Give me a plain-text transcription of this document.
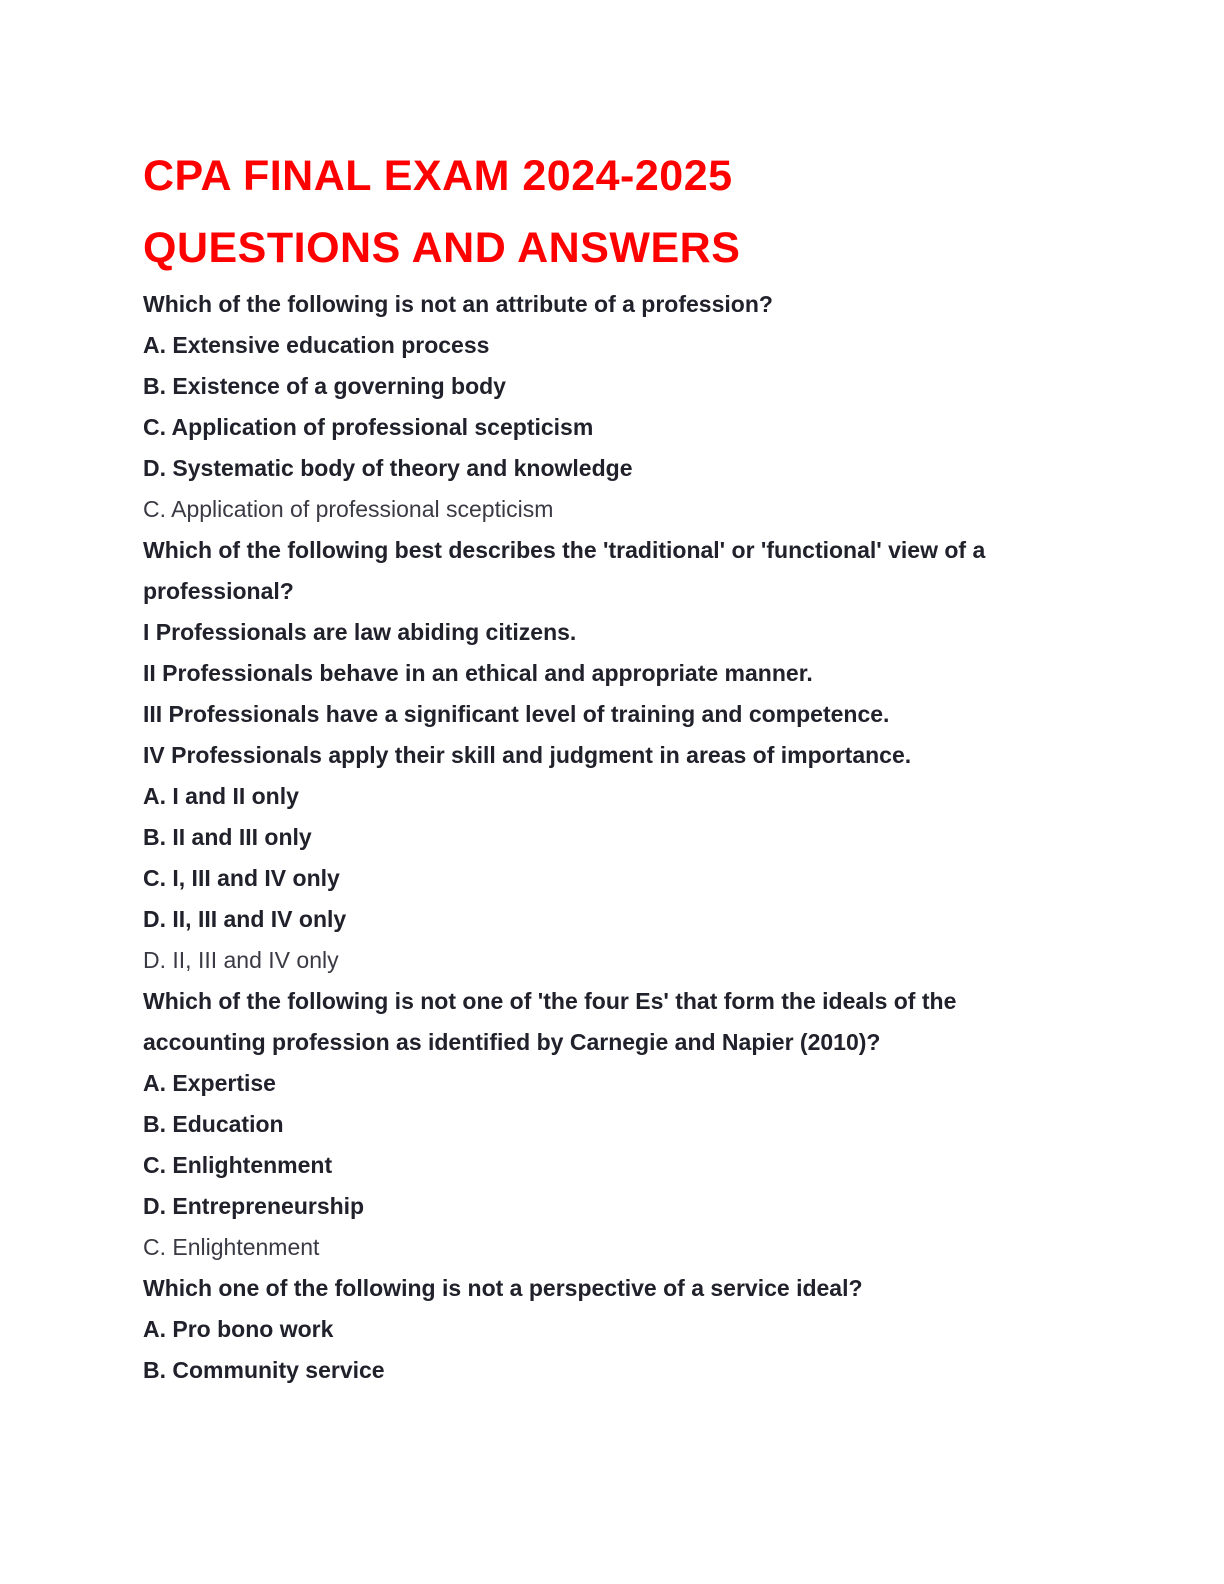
CPA FINAL EXAM 2024-2025
QUESTIONS AND ANSWERS
Which of the following is not an attribute of a profession?
A. Extensive education process
B. Existence of a governing body
C. Application of professional scepticism
D. Systematic body of theory and knowledge
C. Application of professional scepticism
Which of the following best describes the 'traditional' or 'functional' view of a
professional?
I Professionals are law abiding citizens.
II Professionals behave in an ethical and appropriate manner.
III Professionals have a significant level of training and competence.
IV Professionals apply their skill and judgment in areas of importance.
A. I and II only
B. II and III only
C. I, III and IV only
D. II, III and IV only
D. II, III and IV only
Which of the following is not one of 'the four Es' that form the ideals of the
accounting profession as identified by Carnegie and Napier (2010)?
A. Expertise
B. Education
C. Enlightenment
D. Entrepreneurship
C. Enlightenment
Which one of the following is not a perspective of a service ideal?
A. Pro bono work
B. Community service
